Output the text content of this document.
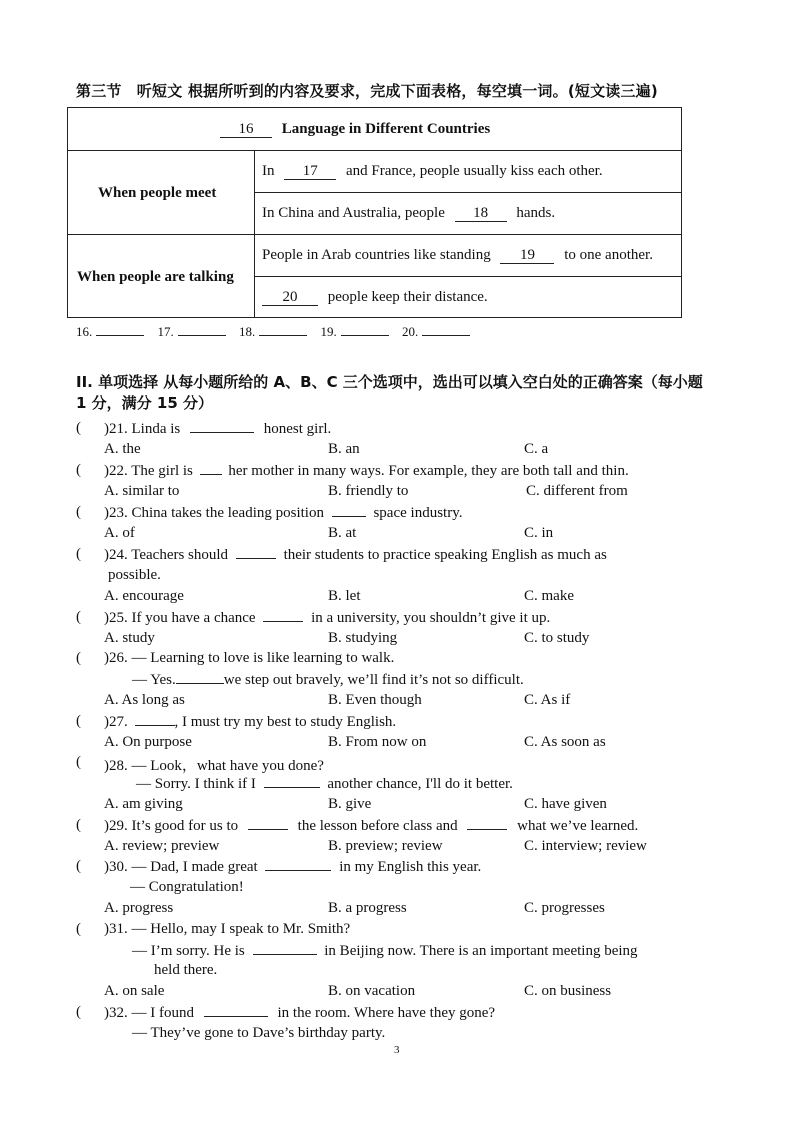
第三节　听短文 根据所听到的内容及要求，完成下面表格，每空填一词。(短文读三遍)
16 Language in Different Countries
When people meet
In 17 and France, people usually kiss each other.
In China and Australia, people 18 hands.
When people are talking
People in Arab countries like standing 19 to one another.
20 people keep their distance.
16.	17.	18.	19.	20.
II. 单项选择 从每小题所给的 A、B、C 三个选项中，选出可以填入空白处的正确答案（每小题 1 分，满分 15 分）
( )21. Linda is	honest girl.
A. the	B. an	C. a
( )22. The girl is her mother in many ways. For example, they are both tall and thin.
A. similar to	B. friendly to	C. different from
( )23. China takes the leading position	space industry.
A. of	B. at	C. in
( )24. Teachers should	their students to practice speaking English as much as
possible.
A. encourage	B. let	C. make
( )25. If you have a chance	in a university, you shouldn’t give it up.
A. study	B. studying	C. to study
( )26. — Learning to love is like learning to walk.
— Yes.	we step out bravely, we’ll find it’s not so difficult.
A. As long as	B. Even though	C. As if
( )27.	, I must try my best to study English.
A. On purpose	B. From now on	C. As soon as
( )28. — Look，what have you done?
— Sorry. I think if I	another chance, I'll do it better.
A. am giving	B. give	C. have given
( )29. It’s good for us to	the lesson before class and	what we’ve learned.
A. review; preview	B. preview; review	C. interview; review
( )30. — Dad, I made great	in my English this year.
— Congratulation!
A. progress	B. a progress	C. progresses
( )31. — Hello, may I speak to Mr. Smith?
— I’m sorry. He is	in Beijing now. There is an important meeting being
held there.
A. on sale	B. on vacation	C. on business
( )32. — I found	in the room. Where have they gone?
— They’ve gone to Dave’s birthday party.
3
